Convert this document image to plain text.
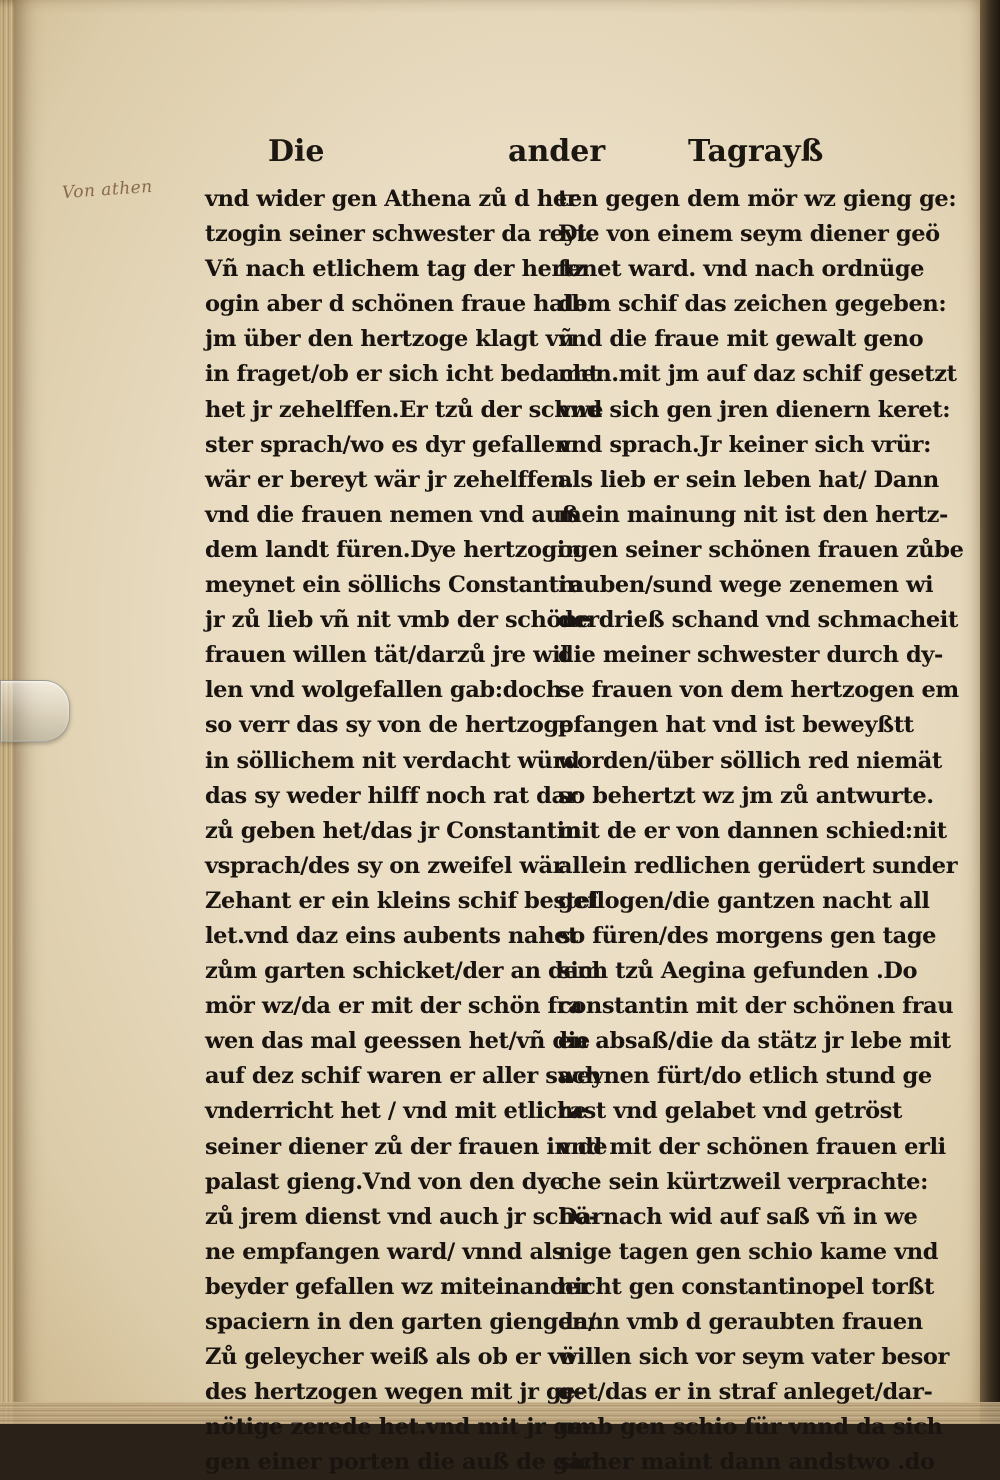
Von athen
Die	ander	Tagrayß
vnd wider gen Athena zů d her
tzogin seiner schwester da reyt.
Vñ nach etlichem tag der hertz
ogin aber d schönen fraue halb.
jm über den hertzoge klagt vñ
in fraget/ob er sich icht bedacht
het jr zehelffen.Er tzů der schwe
ster sprach/wo es dyr gefallen
wär er bereyt wär jr zehelffen.
vnd die frauen nemen vnd auß
dem landt füren.Dye hertzogin
meynet ein söllichs Constantin
jr zů lieb vñ nit vmb der schöne
frauen willen tät/darzů jre wil
len vnd wolgefallen gab:doch
so verr das sy von de hertzoge
in söllichem nit verdacht würd
das sy weder hilff noch rat dar
zů geben het/das jr Constantin
vsprach/des sy on zweifel wär
Zehant er ein kleins schif bestel
let.vnd daz eins aubents nahet
zům garten schicket/der an dem
mör wz/da er mit der schön fra
wen das mal geessen het/vñ die
auf dez schif waren er aller sach
vnderricht het / vnd mit etliche
seiner diener zů der frauen in de
palast gieng.Vnd von den dye
zů jrem dienst vnd auch jr schö-
ne empfangen ward/ vnnd als
beyder gefallen wz miteinander
spaciern in den garten giengen/
Zů geleycher weiß als ob er vö
des hertzogen wegen mit jr ge-
nötige zerede het.vnd mit jr ge-
gen einer porten die auß de gar
ten gegen dem mör wz gieng ge:
Die von einem seym diener geö
fenet ward. vnd nach ordnüge
dem schif das zeichen gegeben:
vnd die fraue mit gewalt geno
men.mit jm auf daz schif gesetzt
vnd sich gen jren dienern keret:
vnd sprach.Jr keiner sich vrür:
als lieb er sein leben hat/ Dann
mein mainung nit ist den hertz-
ogen seiner schönen frauen zůbe
rauben/sund wege zenemen wi
derdrieß schand vnd schmacheit
die meiner schwester durch dy-
se frauen von dem hertzogen em
pfangen hat vnd ist beweyßtt
worden/über söllich red niemät
so behertzt wz jm zů antwurte.
mit de er von dannen schied:nit
allein redlichen gerüdert sunder
geflogen/die gantzen nacht all
so füren/des morgens gen tage
sich tzů Aegina gefunden .Do
constantin mit der schönen frau
en absaß/die da stätz jr lebe mit
weynen fürt/do etlich stund ge
rast vnd gelabet vnd getröst
vnd mit der schönen frauen erli
che sein kürtzweil verprachte:
Darnach wid auf saß vñ in we
nige tagen gen schio kame vnd
nicht gen constantinopel torßt
dann vmb d geraubten frauen
willen sich vor seym vater besor
get/das er in straf anleget/dar-
umb gen schio für vnnd da sich
sicher maint dann andstwo .do
